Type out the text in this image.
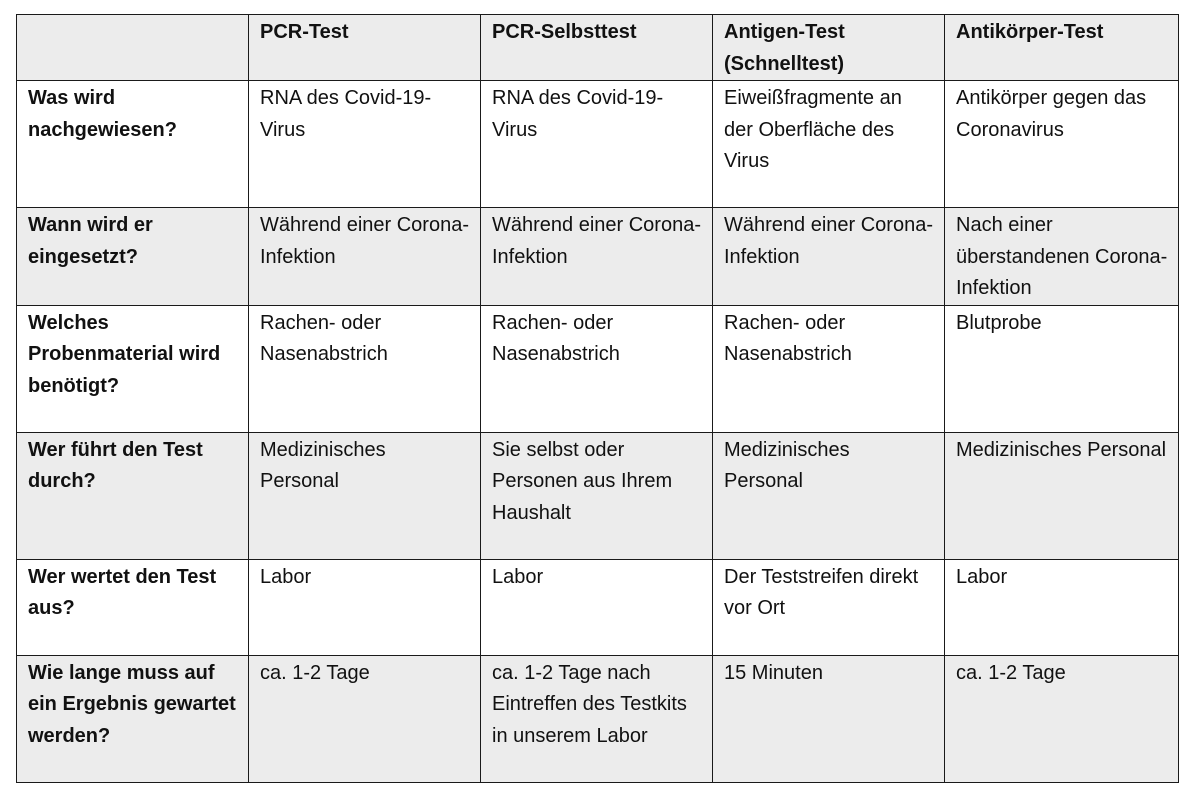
	PCR-Test	PCR-Selbsttest	Antigen-Test (Schnelltest)	Antikörper-Test
Was wird nachgewiesen?	RNA des Covid-19-Virus	RNA des Covid-19-Virus	Eiweißfragmente an der Oberfläche des Virus	Antikörper gegen das Coronavirus
Wann wird er eingesetzt?	Während einer Corona-Infektion	Während einer Corona-Infektion	Während einer Corona-Infektion	Nach einer überstandenen Corona-Infektion
Welches Probenmaterial wird benötigt?	Rachen- oder Nasenabstrich	Rachen- oder Nasenabstrich	Rachen- oder Nasenabstrich	Blutprobe
Wer führt den Test durch?	Medizinisches Personal	Sie selbst oder Personen aus Ihrem Haushalt	Medizinisches Personal	Medizinisches Personal
Wer wertet den Test aus?	Labor	Labor	Der Teststreifen direkt vor Ort	Labor
Wie lange muss auf ein Ergebnis gewartet werden?	ca. 1-2 Tage	ca. 1-2 Tage nach Eintreffen des Testkits in unserem Labor	15 Minuten	ca. 1-2 Tage
